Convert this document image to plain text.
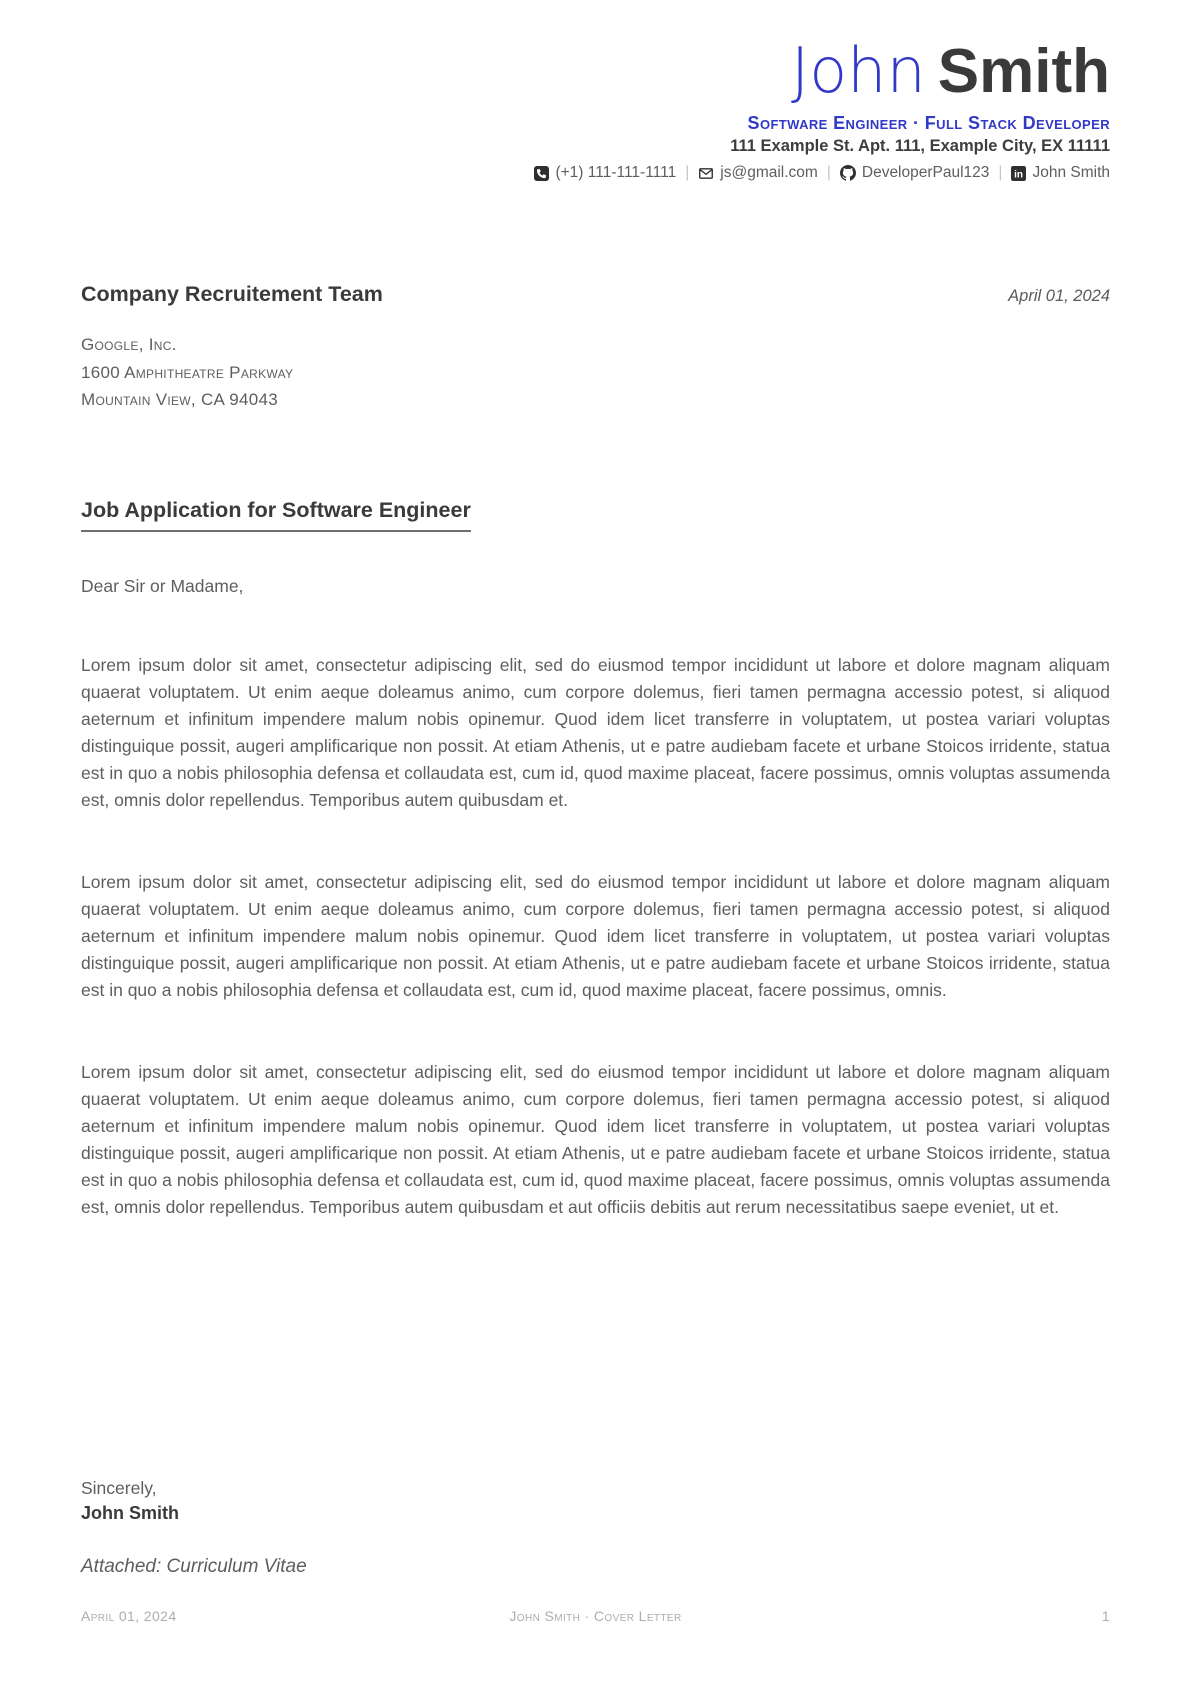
John Smith
Software Engineer · Full Stack Developer
111 Example St. Apt. 111, Example City, EX 11111
(+1) 111-111-1111 | js@gmail.com | DeveloperPaul123 | in John Smith
Company Recruitement Team	April 01, 2024
Google, Inc.
1600 Amphitheatre Parkway
Mountain View, CA 94043
Job Application for Software Engineer

Dear Sir or Madame,

Lorem ipsum dolor sit amet, consectetur adipiscing elit, sed do eiusmod tempor incididunt ut labore et dolore magnam aliquam quaerat voluptatem. Ut enim aeque doleamus animo, cum corpore dolemus, fieri tamen permagna accessio potest, si aliquod aeternum et infinitum impendere malum nobis opinemur. Quod idem licet transferre in voluptatem, ut postea variari voluptas distinguique possit, augeri amplificarique non possit. At etiam Athenis, ut e patre audiebam facete et urbane Stoicos irridente, statua est in quo a nobis philosophia defensa et collaudata est, cum id, quod maxime placeat, facere possimus, omnis voluptas assumenda est, omnis dolor repellendus. Temporibus autem quibusdam et.

Lorem ipsum dolor sit amet, consectetur adipiscing elit, sed do eiusmod tempor incididunt ut labore et dolore magnam aliquam quaerat voluptatem. Ut enim aeque doleamus animo, cum corpore dolemus, fieri tamen permagna accessio potest, si aliquod aeternum et infinitum impendere malum nobis opinemur. Quod idem licet transferre in voluptatem, ut postea variari voluptas distinguique possit, augeri amplificarique non possit. At etiam Athenis, ut e patre audiebam facete et urbane Stoicos irridente, statua est in quo a nobis philosophia defensa et collaudata est, cum id, quod maxime placeat, facere possimus, omnis.

Lorem ipsum dolor sit amet, consectetur adipiscing elit, sed do eiusmod tempor incididunt ut labore et dolore magnam aliquam quaerat voluptatem. Ut enim aeque doleamus animo, cum corpore dolemus, fieri tamen permagna accessio potest, si aliquod aeternum et infinitum impendere malum nobis opinemur. Quod idem licet transferre in voluptatem, ut postea variari voluptas distinguique possit, augeri amplificarique non possit. At etiam Athenis, ut e patre audiebam facete et urbane Stoicos irridente, statua est in quo a nobis philosophia defensa et collaudata est, cum id, quod maxime placeat, facere possimus, omnis voluptas assumenda est, omnis dolor repellendus. Temporibus autem quibusdam et aut officiis debitis aut rerum necessitatibus saepe eveniet, ut et.

Sincerely,
John Smith
Attached: Curriculum Vitae
April 01, 2024	John Smith · Cover Letter	1
